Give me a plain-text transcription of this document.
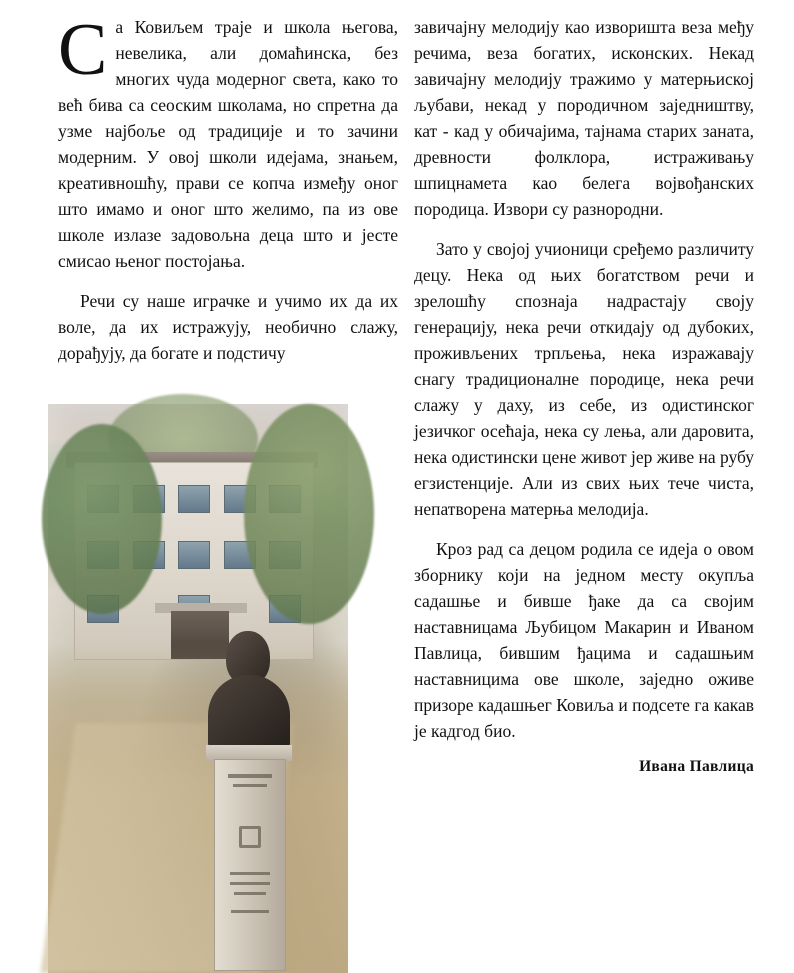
Са Ковиљем траје и школа његова, невелика, али домаћинска, без многих чуда модерног света, како то већ бива са сеоским школама, но спретна да узме најбоље од традиције и то зачини модерним. У овој школи идејама, знањем, креативношћу, прави се копча између оног што имамо и оног што желимо, па из ове школе излазе задовољна деца што и јесте смисао њеног постојања.

Речи су наше играчке и учимо их да их воле, да их истражују, необично слажу, дорађују, да богате и подстичу

завичајну мелодију као изворишта веза међу речима, веза богатих, исконских. Некад завичајну мелодију тражимо у матерњиској љубави, некад у породичном заједништву, кат - кад у обичајима, тајнама старих заната, древности фолклора, истраживању шпицнамета као белега војвођанских породица. Извори су разнородни.

Зато у својој учионици сређемо различиту децу. Нека од њих богатством речи и зрелошћу спознаја надрастају своју генерацију, нека речи откидају од дубоких, проживљених трпљења, нека изражавају снагу традиционалне породице, нека речи слажу у даху, из себе, из одистинског језичког осећаја, нека су лења, али даровита, нека одистински цене живот јер живе на рубу егзистенције. Али из свих њих тече чиста, непатворена матерња мелодија.

Кроз рад са децом родила се идеја о овом зборнику који на једном месту окупља садашње и бивше ђаке да са својим наставницама Љубицом Макарин и Иваном Павлица, бившим ђацима и садашњим наставницима ове школе, заједно оживе призоре кадашњег Ковиља и подсете га какав је кадгод био.

Ивана Павлица
